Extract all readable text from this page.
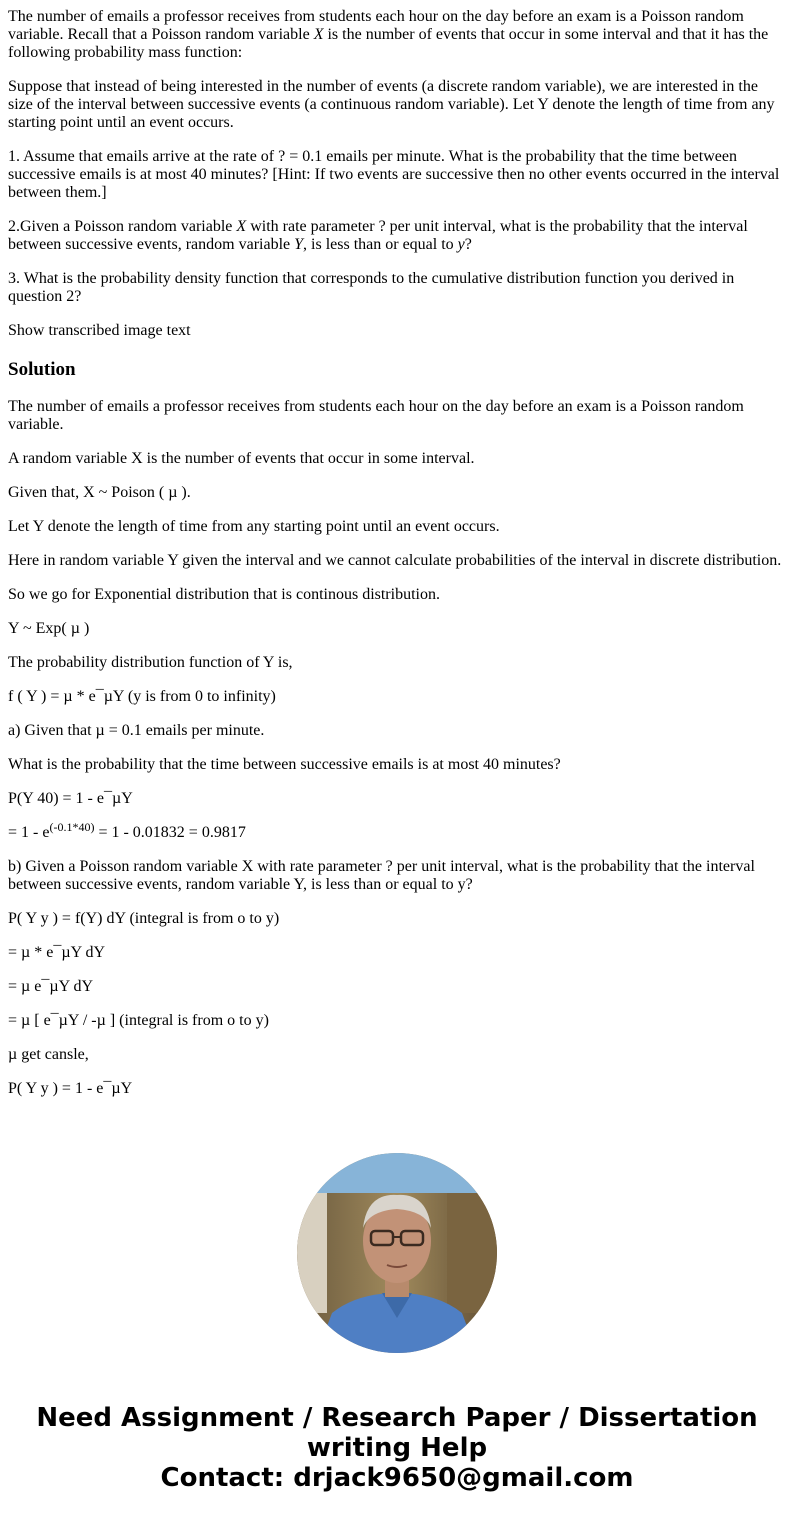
The number of emails a professor receives from students each hour on the day before an exam is a Poisson random variable. Recall that a Poisson random variable X is the number of events that occur in some interval and that it has the following probability mass function:

Suppose that instead of being interested in the number of events (a discrete random variable), we are interested in the size of the interval between successive events (a continuous random variable). Let Y denote the length of time from any starting point until an event occurs.

1. Assume that emails arrive at the rate of ? = 0.1 emails per minute. What is the probability that the time between successive emails is at most 40 minutes? [Hint: If two events are successive then no other events occurred in the interval between them.]

2.Given a Poisson random variable X with rate parameter ? per unit interval, what is the probability that the interval between successive events, random variable Y, is less than or equal to y?

3. What is the probability density function that corresponds to the cumulative distribution function you derived in question 2?

Show transcribed image text

Solution

The number of emails a professor receives from students each hour on the day before an exam is a Poisson random variable.

A random variable X is the number of events that occur in some interval.

Given that, X ~ Poison ( µ ).

Let Y denote the length of time from any starting point until an event occurs.

Here in random variable Y given the interval and we cannot calculate probabilities of the interval in discrete distribution.

So we go for Exponential distribution that is continous distribution.

Y ~ Exp( µ )

The probability distribution function of Y is,

f ( Y ) = µ * e¯µY (y is from 0 to infinity)

a) Given that µ = 0.1 emails per minute.

What is the probability that the time between successive emails is at most 40 minutes?

P(Y 40) = 1 - e¯µY

= $1 - e^{(-0.1*40)} = 1 - 0.01832 = 0.9817$

b) Given a Poisson random variable X with rate parameter ? per unit interval, what is the probability that the interval between successive events, random variable Y, is less than or equal to y?

P( Y y ) = f(Y) dY (integral is from o to y)

= µ * e¯µY dY

= µ e¯µY dY

= µ [ e¯µY / -µ ] (integral is from o to y)

µ get cansle,

P( Y y ) = 1 - e¯µY

Need Assignment / Research Paper / Dissertation
writing Help
Contact: drjack9650@gmail.com
